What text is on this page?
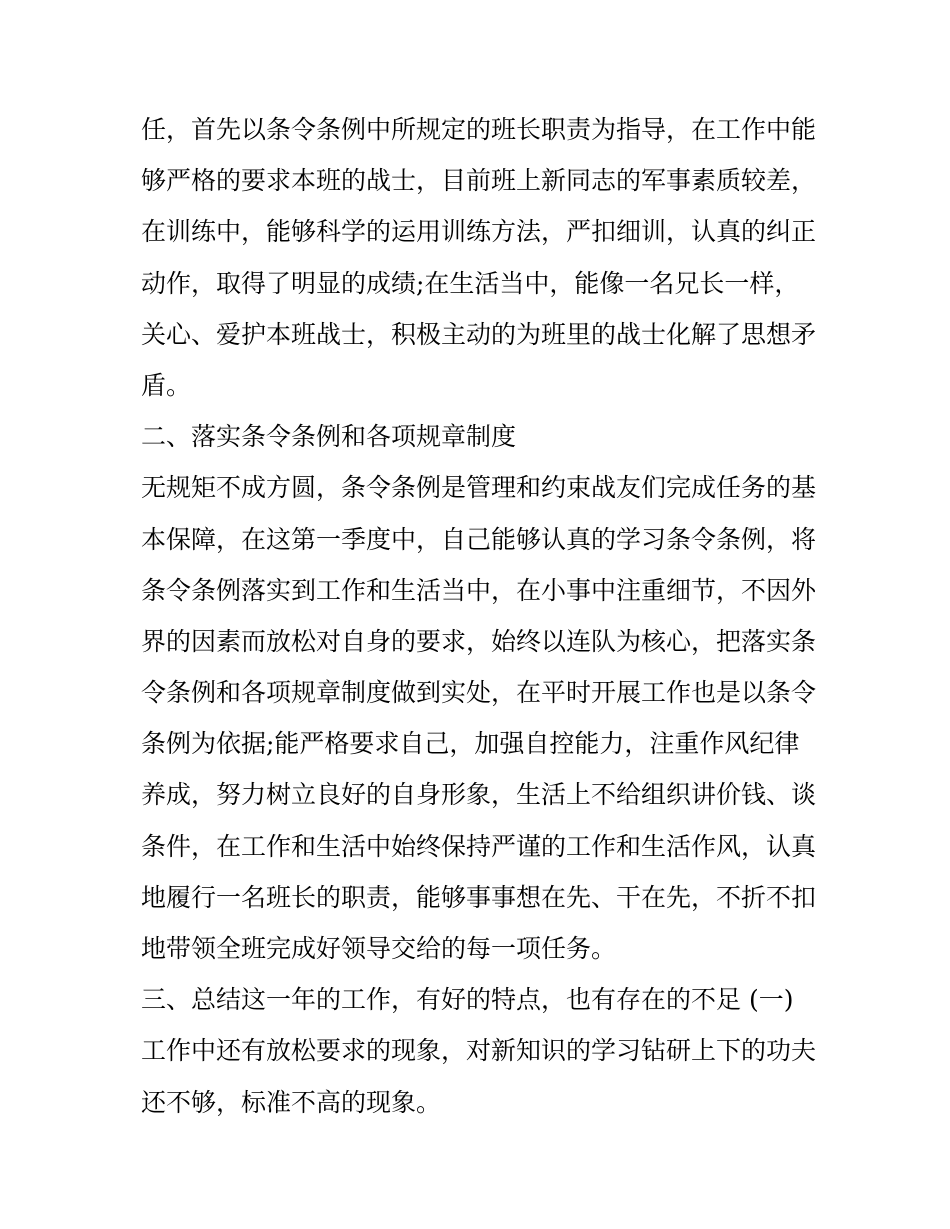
任，首先以条令条例中所规定的班长职责为指导，在工作中能
够严格的要求本班的战士，目前班上新同志的军事素质较差，
在训练中，能够科学的运用训练方法，严扣细训，认真的纠正
动作，取得了明显的成绩;在生活当中，能像一名兄长一样，
关心、爱护本班战士，积极主动的为班里的战士化解了思想矛
盾。
二、落实条令条例和各项规章制度
无规矩不成方圆，条令条例是管理和约束战友们完成任务的基
本保障，在这第一季度中，自己能够认真的学习条令条例，将
条令条例落实到工作和生活当中，在小事中注重细节，不因外
界的因素而放松对自身的要求，始终以连队为核心，把落实条
令条例和各项规章制度做到实处，在平时开展工作也是以条令
条例为依据;能严格要求自己，加强自控能力，注重作风纪律
养成，努力树立良好的自身形象，生活上不给组织讲价钱、谈
条件，在工作和生活中始终保持严谨的工作和生活作风，认真
地履行一名班长的职责，能够事事想在先、干在先，不折不扣
地带领全班完成好领导交给的每一项任务。
三、总结这一年的工作，有好的特点，也有存在的不足 (一)
工作中还有放松要求的现象，对新知识的学习钻研上下的功夫
还不够，标准不高的现象。
